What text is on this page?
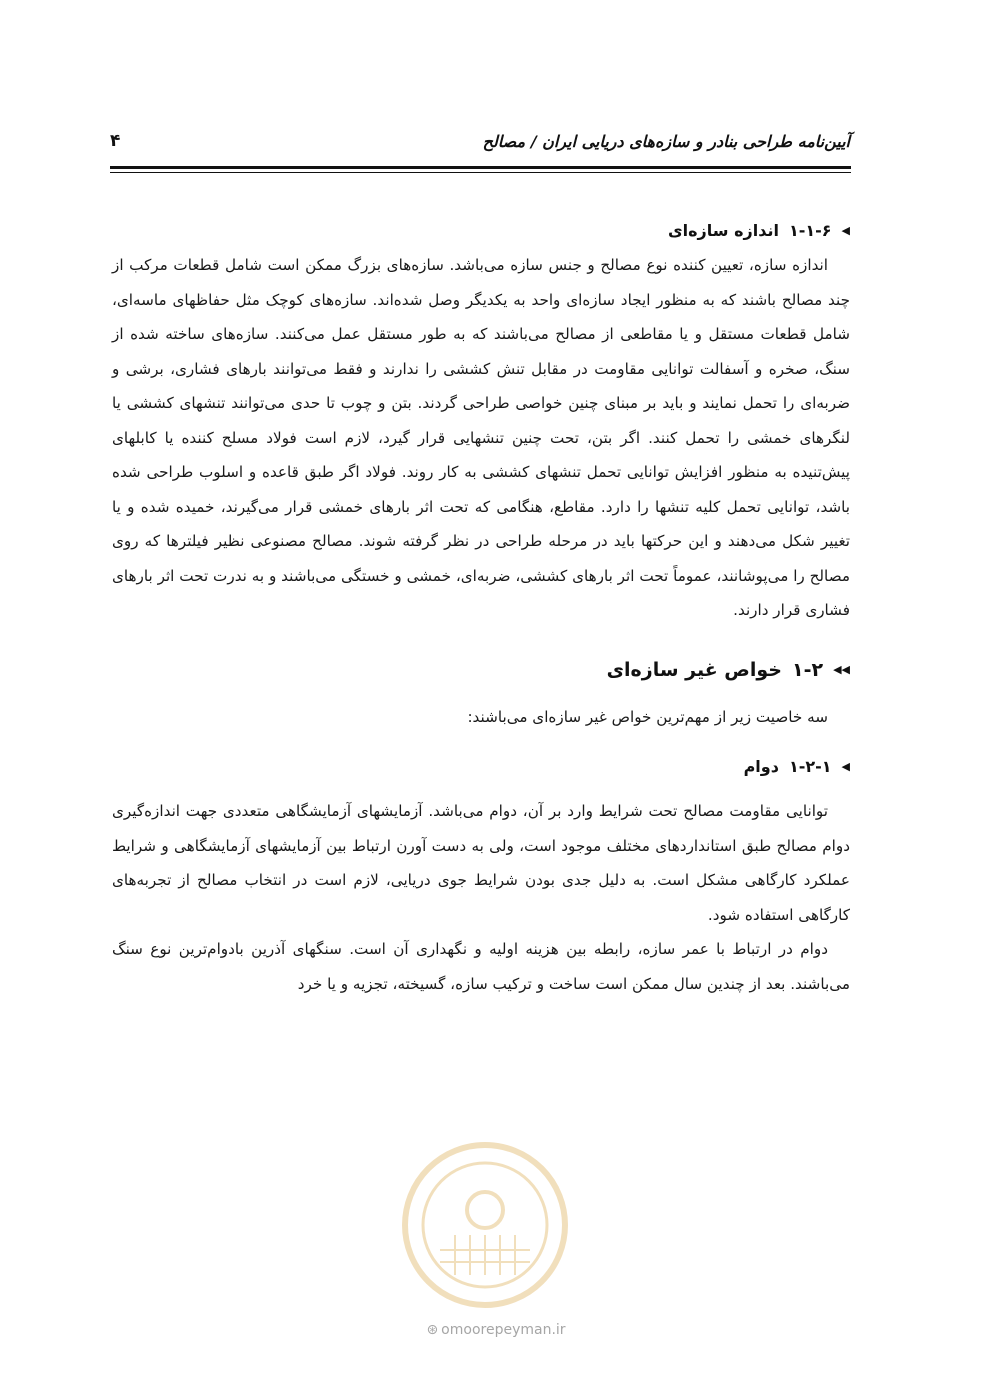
آیین‌نامه طراحی بنادر و سازه‌های دریایی ایران / مصالح
۴
◀
۱-۱-۶
اندازه سازه‌ای

اندازه سازه، تعیین کننده نوع مصالح و جنس سازه می‌باشد. سازه‌های بزرگ ممکن است شامل قطعات مرکب از چند مصالح باشند که به منظور ایجاد سازه‌ای واحد به یکدیگر وصل شده‌اند. سازه‌های کوچک مثل حفاظهای ماسه‌ای، شامل قطعات مستقل و یا مقاطعی از مصالح می‌باشند که به طور مستقل عمل می‌کنند. سازه‌های ساخته شده از سنگ، صخره و آسفالت توانایی مقاومت در مقابل تنش کششی را ندارند و فقط می‌توانند بارهای فشاری، برشی و ضربه‌ای را تحمل نمایند و باید بر مبنای چنین خواصی طراحی گردند. بتن و چوب تا حدی می‌توانند تنشهای کششی یا لنگرهای خمشی را تحمل کنند. اگر بتن، تحت چنین تنشهایی قرار گیرد، لازم است فولاد مسلح کننده یا کابلهای پیش‌تنیده به منظور افزایش توانایی تحمل تنشهای کششی به کار روند. فولاد اگر طبق قاعده و اسلوب طراحی شده باشد، توانایی تحمل کلیه تنشها را دارد. مقاطع، هنگامی که تحت اثر بارهای خمشی قرار می‌گیرند، خمیده شده و یا تغییر شکل می‌دهند و این حرکتها باید در مرحله طراحی در نظر گرفته شوند. مصالح مصنوعی نظیر فیلترها که روی مصالح را می‌پوشانند، عموماً تحت اثر بارهای کششی، ضربه‌ای، خمشی و خستگی می‌باشند و به ندرت تحت اثر بارهای فشاری قرار دارند.

◀◀
۱-۲
خواص غیر سازه‌ای

سه خاصیت زیر از مهم‌ترین خواص غیر سازه‌ای می‌باشند:

◀
۱-۲-۱
دوام

توانایی مقاومت مصالح تحت شرایط وارد بر آن، دوام می‌باشد. آزمایشهای آزمایشگاهی متعددی جهت اندازه‌گیری دوام مصالح طبق استانداردهای مختلف موجود است، ولی به دست آورن ارتباط بین آزمایشهای آزمایشگاهی و شرایط عملکرد کارگاهی مشکل است. به دلیل جدی بودن شرایط جوی دریایی، لازم است در انتخاب مصالح از تجربه‌های کارگاهی استفاده شود.

دوام در ارتباط با عمر سازه، رابطه بین هزینه اولیه و نگهداری آن است. سنگهای آذرین بادوام‌ترین نوع سنگ می‌باشند. بعد از چندین سال ممکن است ساخت و ترکیب سازه، گسیخته، تجزیه و یا خرد

⊛ omoorepeyman.ir
